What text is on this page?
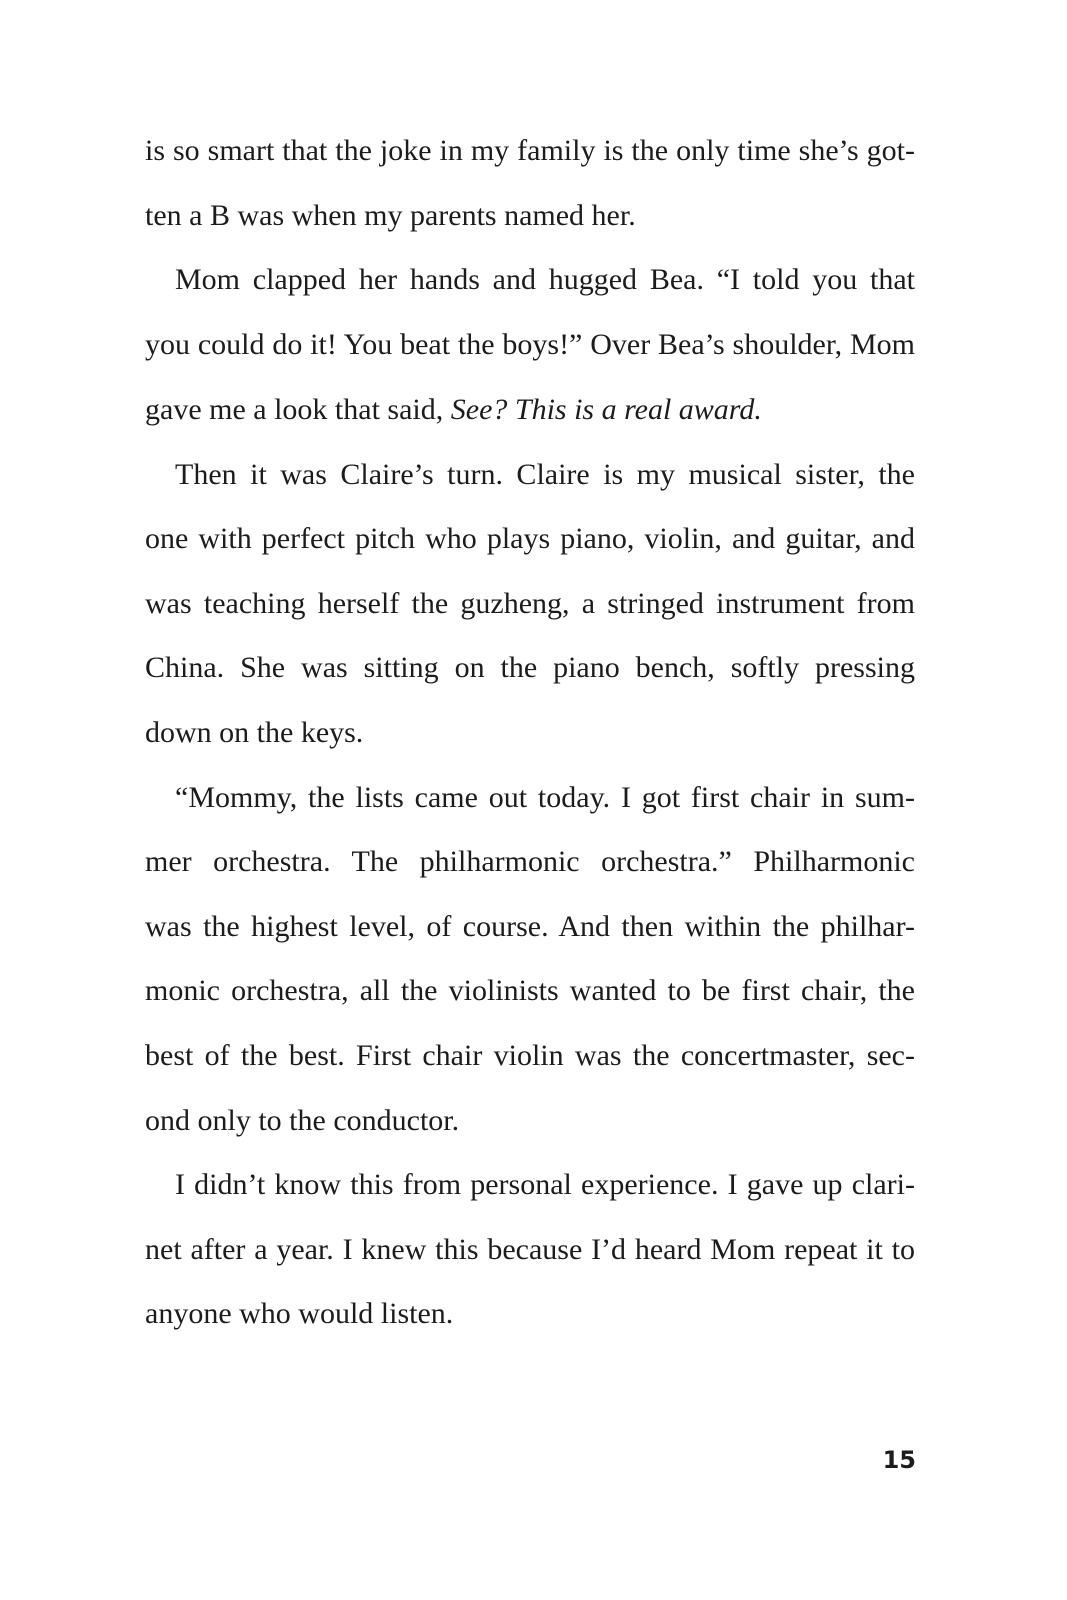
is so smart that the joke in my family is the only time she’s got-
ten a B was when my parents named her.
Mom clapped her hands and hugged Bea. “I told you that
you could do it! You beat the boys!” Over Bea’s shoulder, Mom
gave me a look that said, See? This is a real award.
Then it was Claire’s turn. Claire is my musical sister, the
one with perfect pitch who plays piano, violin, and guitar, and
was teaching herself the guzheng, a stringed instrument from
China. She was sitting on the piano bench, softly pressing
down on the keys.
“Mommy, the lists came out today. I got first chair in sum-
mer orchestra. The philharmonic orchestra.” Philharmonic
was the highest level, of course. And then within the philhar-
monic orchestra, all the violinists wanted to be first chair, the
best of the best. First chair violin was the concertmaster, sec-
ond only to the conductor.
I didn’t know this from personal experience. I gave up clari-
net after a year. I knew this because I’d heard Mom repeat it to
anyone who would listen.
15
